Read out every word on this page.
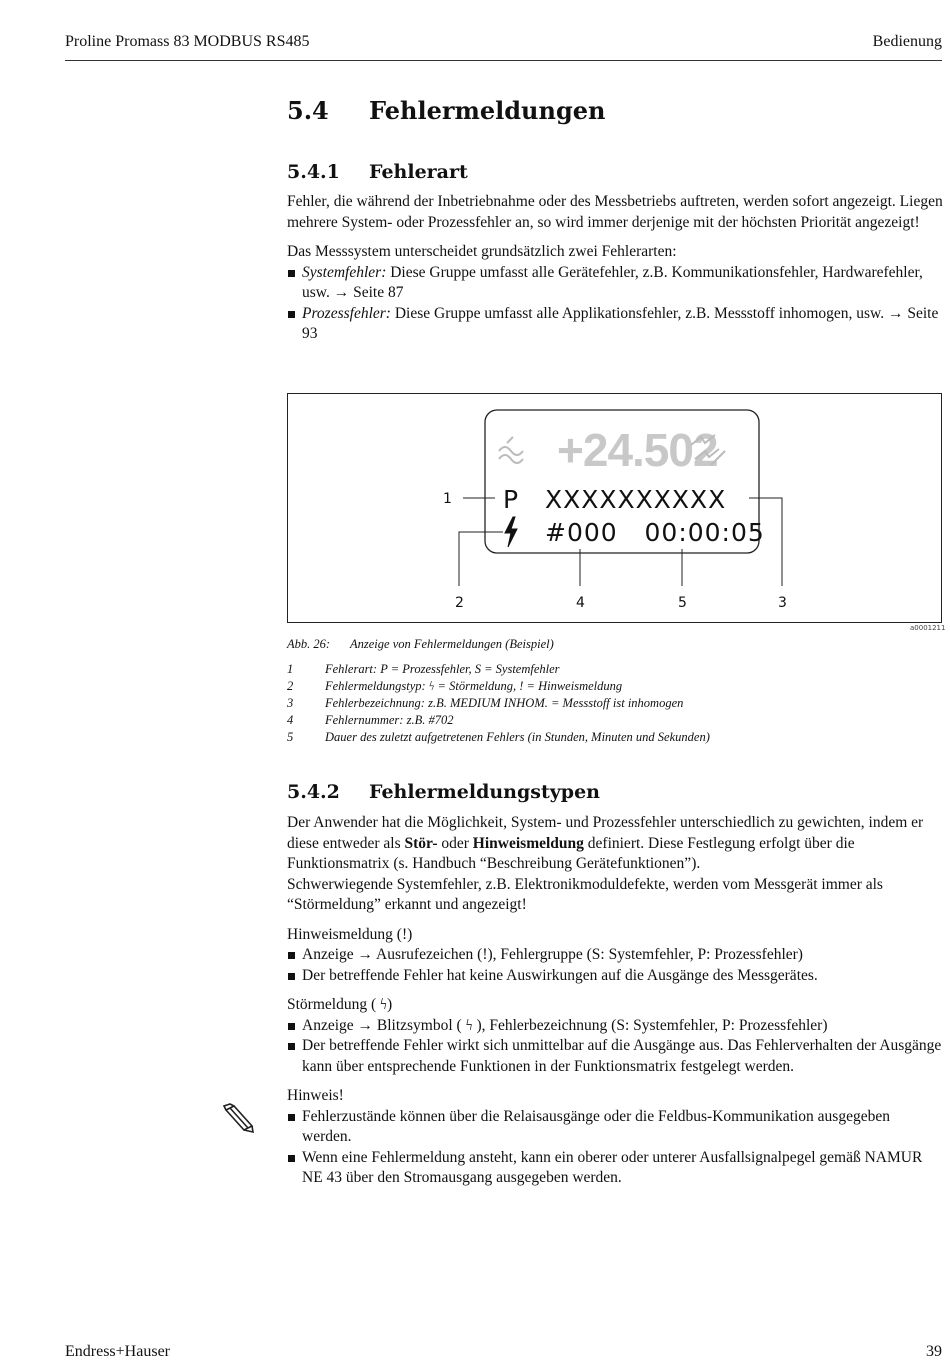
Proline Promass 83 MODBUS RS485	Bedienung
5.4 Fehlermeldungen
5.4.1 Fehlerart

Fehler, die während der Inbetriebnahme oder des Messbetriebs auftreten, werden sofort angezeigt. Liegen mehrere System- oder Prozessfehler an, so wird immer derjenige mit der höchsten Priorität angezeigt!

Das Messsystem unterscheidet grundsätzlich zwei Fehlerarten:

Systemfehler: Diese Gruppe umfasst alle Gerätefehler, z.B. Kommunikationsfehler, Hardwarefehler, usw. → Seite 87
Prozessfehler: Diese Gruppe umfasst alle Applikationsfehler, z.B. Messstoff inhomogen, usw. → Seite 93
+24.502
P XXXXXXXXXX
#000   00:00:05
1
2	4	5	3
a0001211
Abb. 26: Anzeige von Fehlermeldungen (Beispiel)
1	Fehlerart: P = Prozessfehler, S = Systemfehler
2	Fehlermeldungstyp: ϟ = Störmeldung, ! = Hinweismeldung
3	Fehlerbezeichnung: z.B. MEDIUM INHOM. = Messstoff ist inhomogen
4	Fehlernummer: z.B. #702
5	Dauer des zuletzt aufgetretenen Fehlers (in Stunden, Minuten und Sekunden)
5.4.2 Fehlermeldungstypen

Der Anwender hat die Möglichkeit, System- und Prozessfehler unterschiedlich zu gewichten, indem er diese entweder als Stör- oder Hinweismeldung definiert. Diese Festlegung erfolgt über die Funktionsmatrix (s. Handbuch “Beschreibung Gerätefunktionen”).

Schwerwiegende Systemfehler, z.B. Elektronikmoduldefekte, werden vom Messgerät immer als “Störmeldung” erkannt und angezeigt!

Hinweismeldung (!)

Anzeige → Ausrufezeichen (!), Fehlergruppe (S: Systemfehler, P: Prozessfehler)
Der betreffende Fehler hat keine Auswirkungen auf die Ausgänge des Messgerätes.

Störmeldung ( ϟ)

Anzeige → Blitzsymbol ( ϟ ), Fehlerbezeichnung (S: Systemfehler, P: Prozessfehler)
Der betreffende Fehler wirkt sich unmittelbar auf die Ausgänge aus. Das Fehlerverhalten der Ausgänge kann über entsprechende Funktionen in der Funktionsmatrix festgelegt werden.

Hinweis!

Fehlerzustände können über die Relaisausgänge oder die Feldbus-Kommunikation ausgegeben werden.
Wenn eine Fehlermeldung ansteht, kann ein oberer oder unterer Ausfallsignalpegel gemäß NAMUR NE 43 über den Stromausgang ausgegeben werden.
Endress+Hauser	39
